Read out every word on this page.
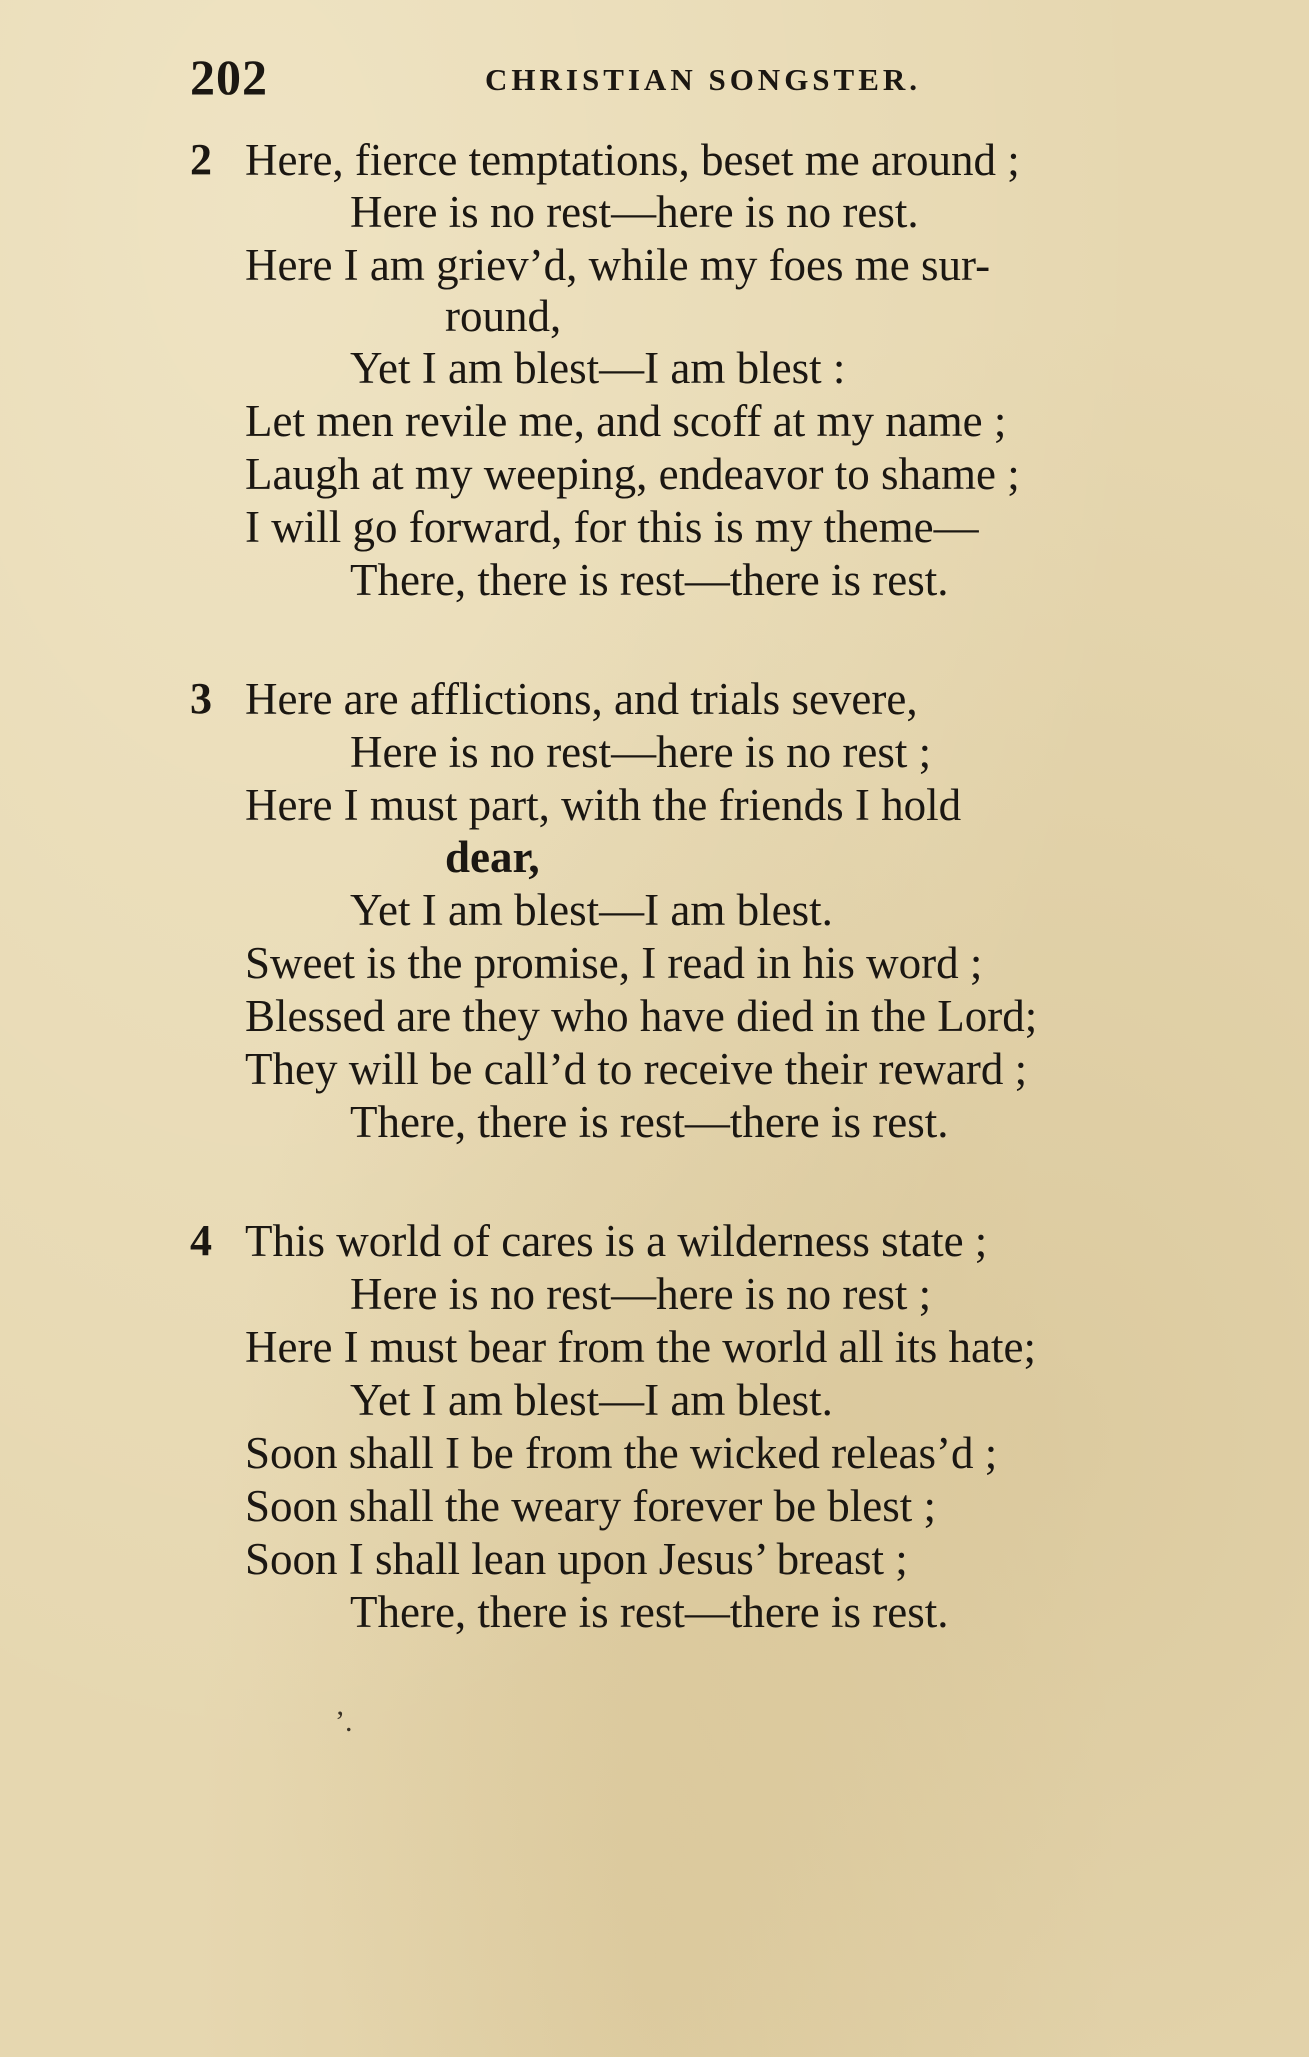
202	CHRISTIAN SONGSTER.
2 Here, fierce temptations, beset me around ;
Here is no rest—here is no rest.
Here I am griev’d, while my foes me sur-
round,
Yet I am blest—I am blest :
Let men revile me, and scoff at my name ;
Laugh at my weeping, endeavor to shame ;
I will go forward, for this is my theme—
There, there is rest—there is rest.
3 Here are afflictions, and trials severe,
Here is no rest—here is no rest ;
Here I must part, with the friends I hold
dear,
Yet I am blest—I am blest.
Sweet is the promise, I read in his word ;
Blessed are they who have died in the Lord;
They will be call’d to receive their reward ;
There, there is rest—there is rest.
4 This world of cares is a wilderness state ;
Here is no rest—here is no rest ;
Here I must bear from the world all its hate;
Yet I am blest—I am blest.
Soon shall I be from the wicked releas’d ;
Soon shall the weary forever be blest ;
Soon I shall lean upon Jesus’ breast ;
There, there is rest—there is rest.
’.
